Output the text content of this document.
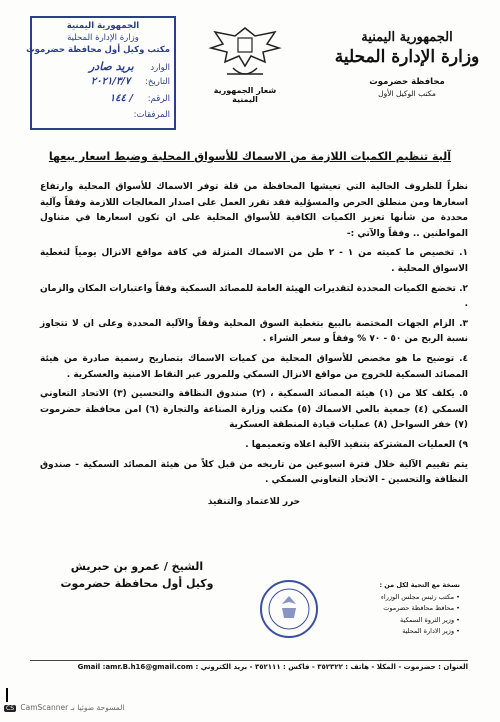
الجمهورية اليمنية
وزارة الإدارة المحلية
محافظة حضرموت
مكتب الوكيل الأول
شعار الجمهورية اليمنية
الجمهورية اليمنية
وزارة الإدارة المحلية
مكتب وكيل أول محافظة حضرموت
الوارد بريد صادر
التاريخ: ٢٠٢١/٣/٧
الرقم: / ١٤٤
المرفقات:
آلية تنظيم الكميات اللازمة من الاسماك للأسواق المحلية وضبط اسعار بيعها

نظراً للظروف الحالية التي تعيشها المحافظة من قلة توفر الاسماك للأسواق المحلية وارتفاع اسعارها ومن منطلق الحرص والمسؤلية فقد تقرر العمل على اصدار المعالجات اللازمة وفقاً وآلية محددة من شأنها تعزيز الكميات الكافية للأسواق المحلية على ان تكون اسعارها في متناول المواطنين .. وفقاً والآتي :-

١. تخصيص ما كميته من ١ - ٢ طن من الاسماك المنزلة في كافة مواقع الانزال يومياً لتغطية الاسواق المحلية .

٢. تخضع الكميات المحددة لتقديرات الهيئة العامة للمصائد السمكية وفقاً واعتبارات المكان والزمان .

٣. الزام الجهات المختصة بالبيع بتغطية السوق المحلية وفقاً والآلية المحددة وعلى ان لا تتجاوز نسبة الربح من ٥٠ - ٧٠ % وفقاً و سعر الشراء .

٤. توضيح ما هو مخصص للأسواق المحلية من كميات الاسماك بتصاريح رسمية صادرة من هيئة المصائد السمكية للخروج من مواقع الانزال السمكي وللمرور عبر النقاط الامنية والعسكرية .

٥. يكلف كلا من (١) هيئة المصائد السمكية ، (٢) صندوق النظافة والتحسين (٣) الاتحاد التعاوني السمكي (٤) جمعية بالعي الاسماك (٥) مكتب وزارة الصناعة والتجارة (٦) امن محافظة حضرموت (٧) خفر السواحل (٨) عمليات قيادة المنطقة العسكرية

٩) العمليات المشتركة بتنفيذ الآلية اعلاه وتعميمها .

يتم تقييم الآلية خلال فترة اسبوعين من تاريخه من قبل كلاً من هيئة المصائد السمكية - صندوق النظافة والتحسين - الاتحاد التعاوني السمكي .

حرر للاعتماد والتنفيذ

الشيخ / عمرو بن حبريش
وكيل أول محافظة حضرموت	نسخة مع التحية لكل من :
• مكتب رئيس مجلس الوزراء
• محافظ محافظة حضرموت
• وزير الثروة السمكية
• وزير الادارة المحلية
العنوان : حضرموت - المكلا - هاتف : ٣٥٢٣٢٢ - فاكس : ٣٥٢١١١ - بريد الكتروني : Gmail :amr.B.h16@gmail.com
CS CamScanner المسوحة ضوئيا بـ
